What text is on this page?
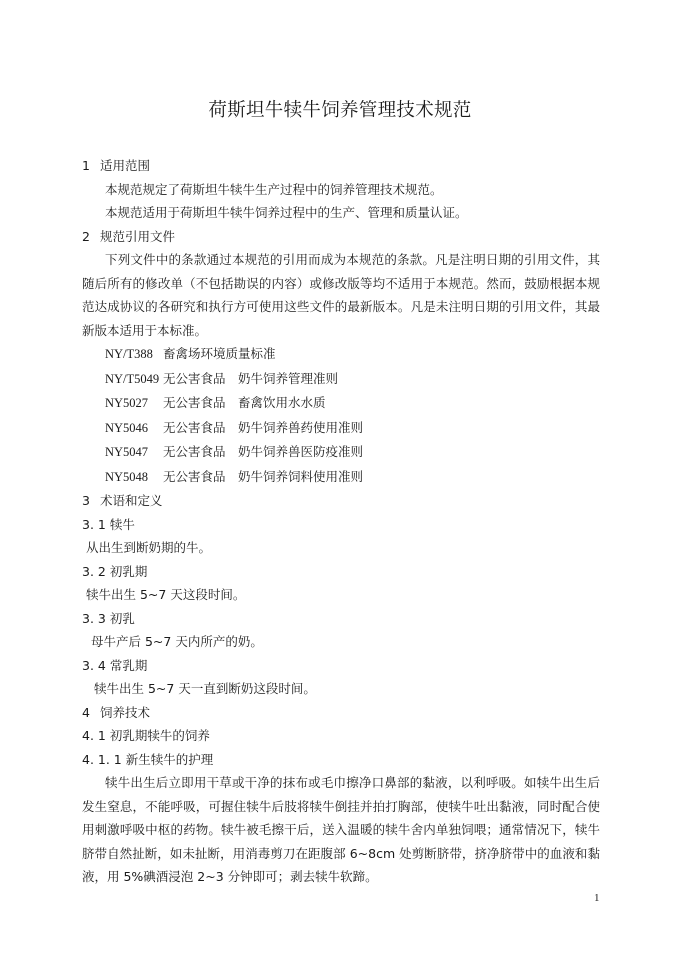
荷斯坦牛犊牛饲养管理技术规范

1 适用范围

本规范规定了荷斯坦牛犊牛生产过程中的饲养管理技术规范。

本规范适用于荷斯坦牛犊牛饲养过程中的生产、管理和质量认证。

2 规范引用文件

下列文件中的条款通过本规范的引用而成为本规范的条款。凡是注明日期的引用文件，其随后所有的修改单（不包括勘误的内容）或修改版等均不适用于本规范。然而，鼓励根据本规范达成协议的各研究和执行方可使用这些文件的最新版本。凡是未注明日期的引用文件，其最新版本适用于本标准。

NY/T388 畜禽场环境质量标准

NY/T5049 无公害食品　奶牛饲养管理准则

NY5027 无公害食品　畜禽饮用水水质

NY5046 无公害食品　奶牛饲养兽药使用准则

NY5047 无公害食品　奶牛饲养兽医防疫准则

NY5048 无公害食品　奶牛饲养饲料使用准则

3 术语和定义

3. 1 犊牛

从出生到断奶期的牛。

3. 2 初乳期

犊牛出生 5~7 天这段时间。

3. 3 初乳

母牛产后 5~7 天内所产的奶。

3. 4 常乳期

犊牛出生 5~7 天一直到断奶这段时间。

4 饲养技术

4. 1 初乳期犊牛的饲养

4. 1. 1 新生犊牛的护理

犊牛出生后立即用干草或干净的抹布或毛巾擦净口鼻部的黏液，以利呼吸。如犊牛出生后发生窒息，不能呼吸，可握住犊牛后肢将犊牛倒挂并拍打胸部，使犊牛吐出黏液，同时配合使用刺激呼吸中枢的药物。犊牛被毛擦干后，送入温暖的犊牛舍内单独饲喂；通常情况下，犊牛脐带自然扯断，如未扯断，用消毒剪刀在距腹部 6~8cm 处剪断脐带，挤净脐带中的血液和黏液，用 5%碘酒浸泡 2~3 分钟即可；剥去犊牛软蹄。

1
